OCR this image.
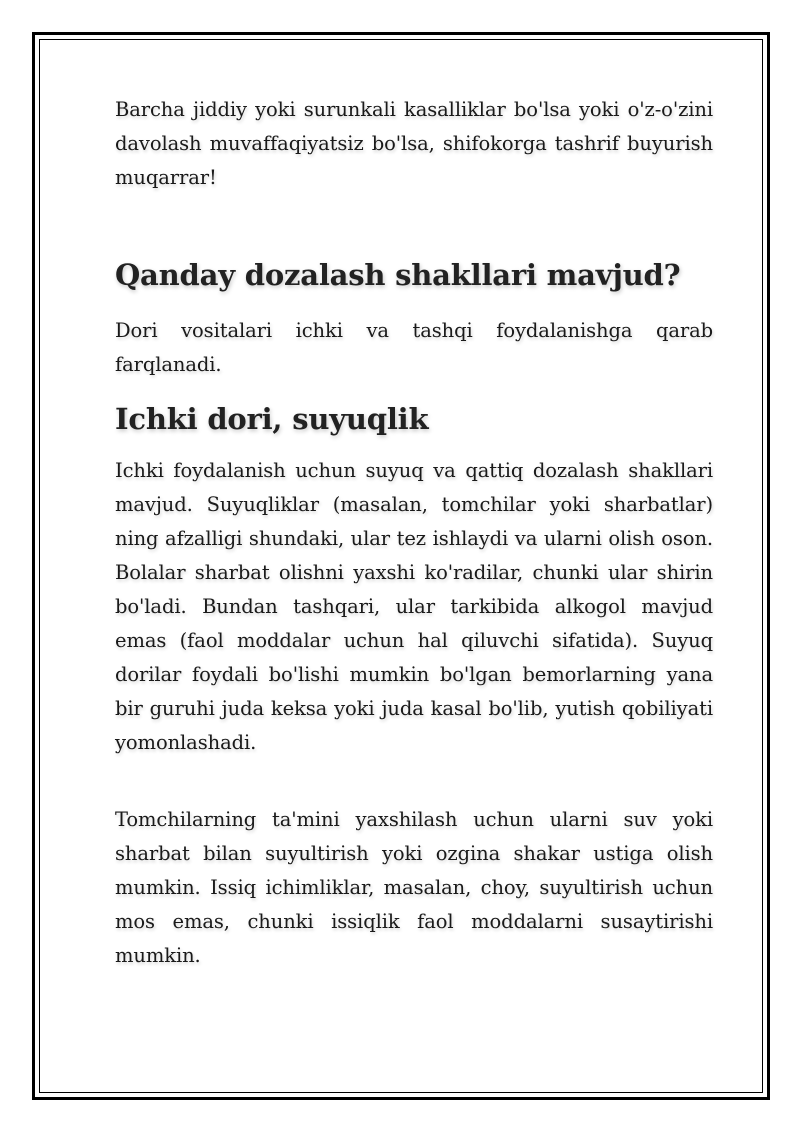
Barcha jiddiy yoki surunkali kasalliklar bo'lsa yoki o'z-o'zini davolash muvaffaqiyatsiz bo'lsa, shifokorga tashrif buyurish muqarrar!

Qanday dozalash shakllari mavjud?

Dori vositalari ichki va tashqi foydalanishga qarab farqlanadi.

Ichki dori, suyuqlik

Ichki foydalanish uchun suyuq va qattiq dozalash shakllari mavjud. Suyuqliklar (masalan, tomchilar yoki sharbatlar) ning afzalligi shundaki, ular tez ishlaydi va ularni olish oson. Bolalar sharbat olishni yaxshi ko'radilar, chunki ular shirin bo'ladi. Bundan tashqari, ular tarkibida alkogol mavjud emas (faol moddalar uchun hal qiluvchi sifatida). Suyuq dorilar foydali bo'lishi mumkin bo'lgan bemorlarning yana bir guruhi juda keksa yoki juda kasal bo'lib, yutish qobiliyati yomonlashadi.

Tomchilarning ta'mini yaxshilash uchun ularni suv yoki sharbat bilan suyultirish yoki ozgina shakar ustiga olish mumkin. Issiq ichimliklar, masalan, choy, suyultirish uchun mos emas, chunki issiqlik faol moddalarni susaytirishi mumkin.
